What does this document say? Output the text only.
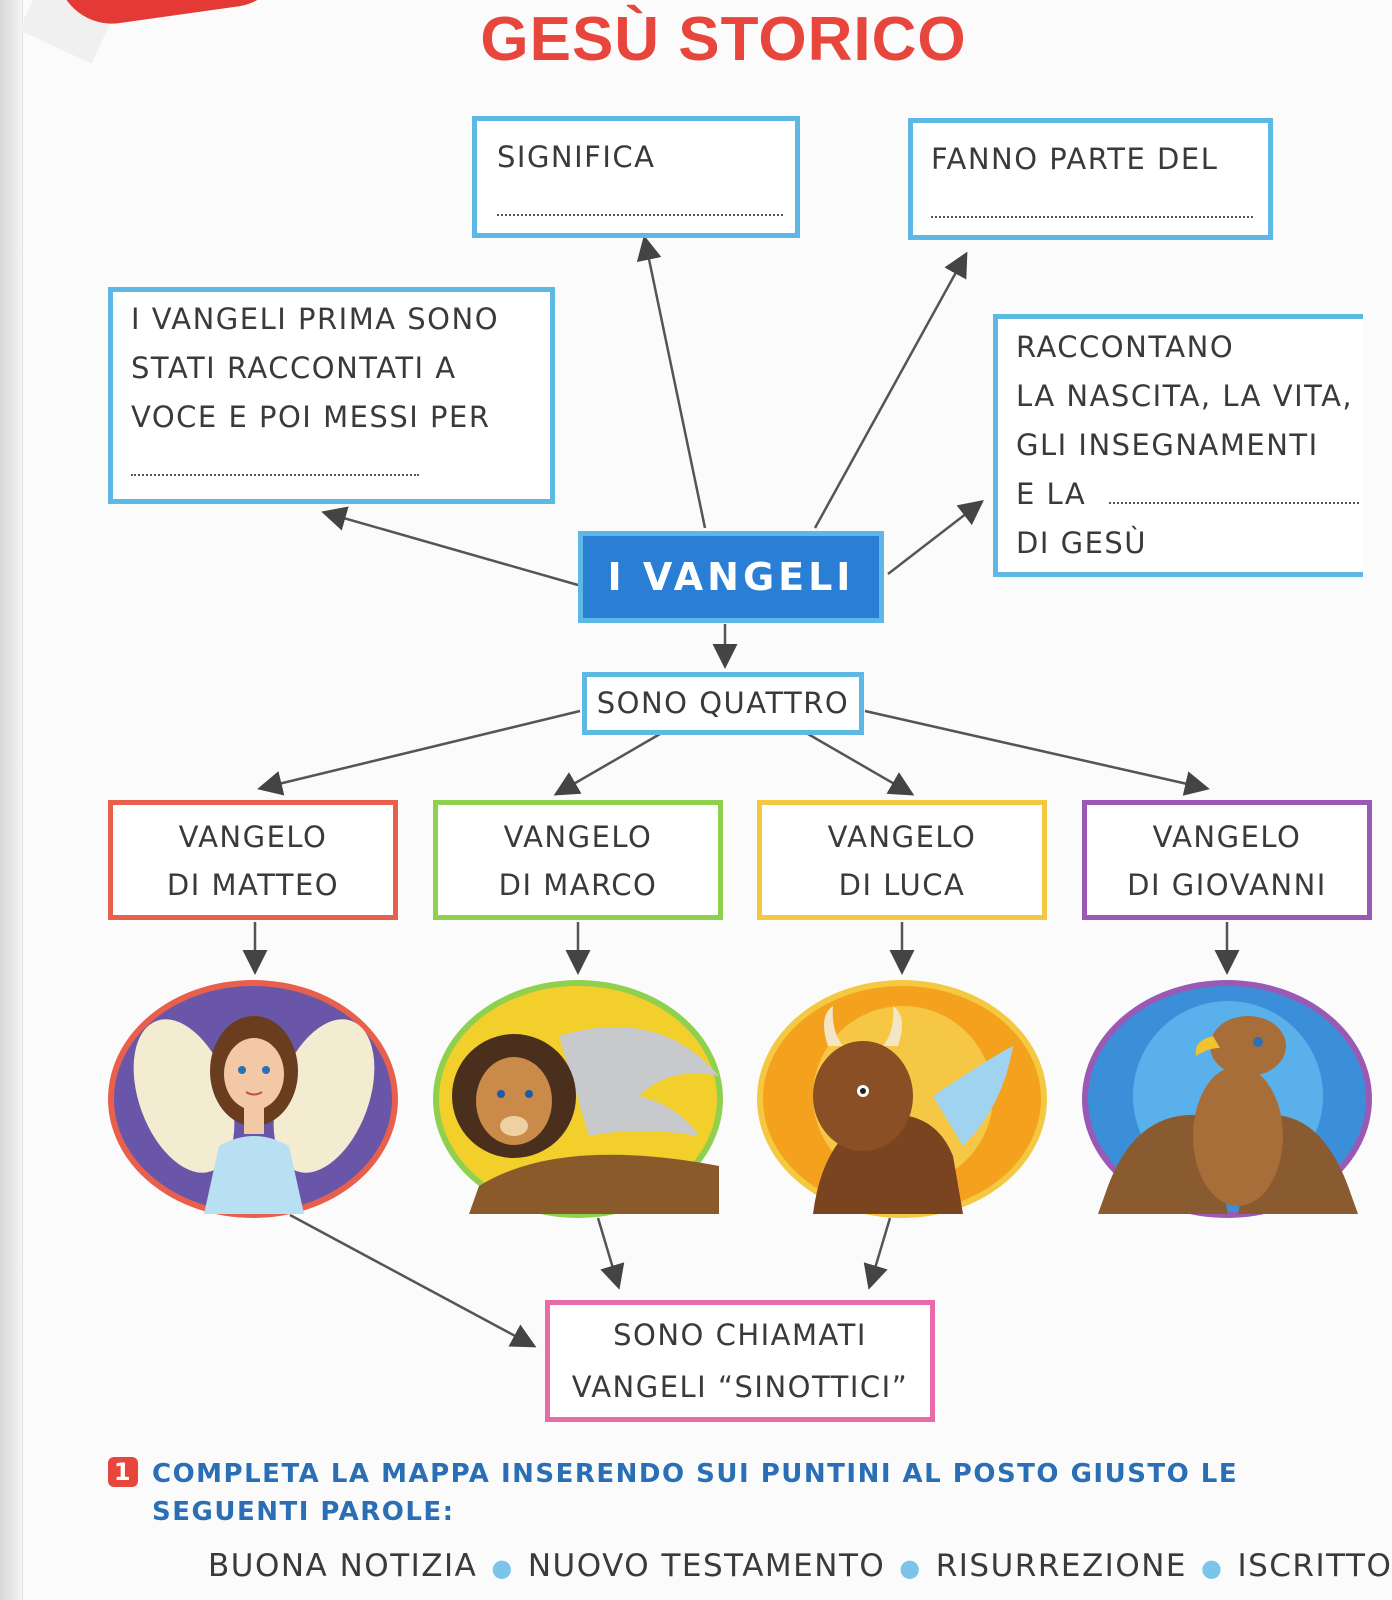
GESÙ STORICO
SIGNIFICA	FANNO PARTE DEL
I VANGELI PRIMA SONO
STATI RACCONTATI A
VOCE E POI MESSI PER
RACCONTANO
LA NASCITA, LA VITA,
GLI INSEGNAMENTI
E LA
DI GESÙ
I VANGELI
SONO QUATTRO
VANGELO
DI MATTEO
VANGELO
DI MARCO
VANGELO
DI LUCA
VANGELO
DI GIOVANNI
SONO CHIAMATI
VANGELI “SINOTTICI”
1 COMPLETA LA MAPPA INSERENDO SUI PUNTINI AL POSTO GIUSTO LE SEGUENTI PAROLE:
BUONA NOTIZIA ● NUOVO TESTAMENTO ● RISURREZIONE ● ISCRITTO
